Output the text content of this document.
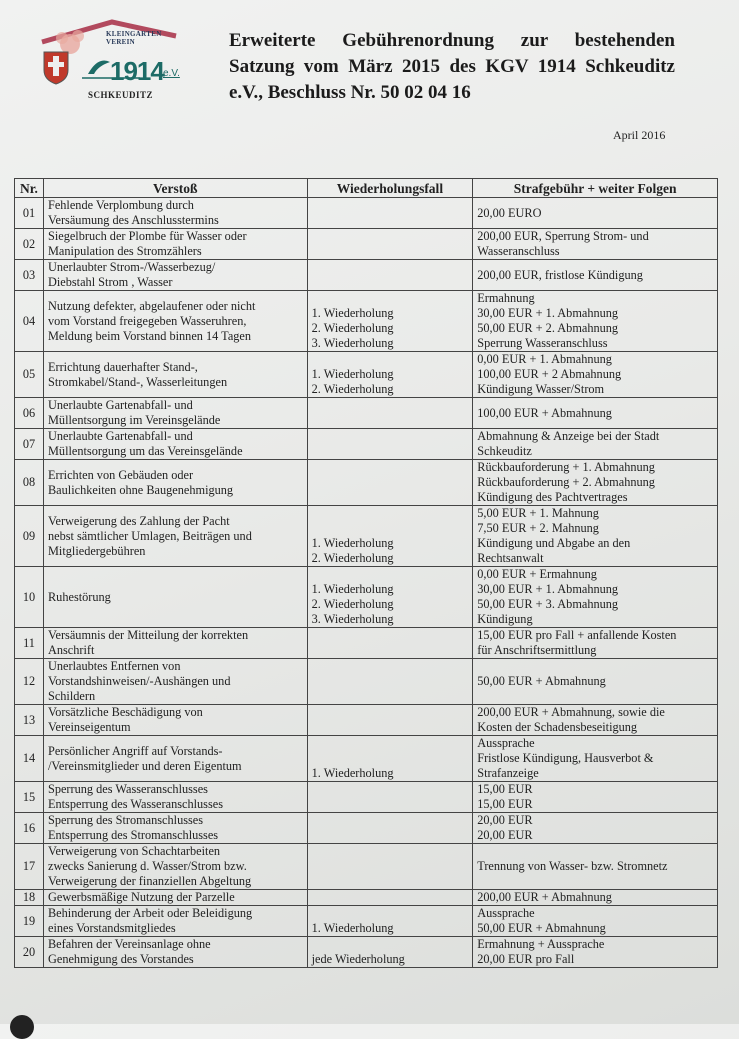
KLEINGARTEN
VEREIN
1914 e.V.
SCHKEUDITZ
Erweiterte Gebührenordnung zur bestehenden Satzung vom März 2015 des KGV 1914 Schkeuditz e.V., Beschluss Nr. 50 02 04 16
April 2016
Nr.	Verstoß	Wiederholungsfall	Strafgebühr + weiter Folgen
01	Fehlende Verplombung durch
Versäumung des Anschlusstermins		20,00 EURO

02	Siegelbruch der Plombe für Wasser oder
Manipulation des Stromzählers		200,00 EUR, Sperrung Strom- und
Wasseranschluss

03	Unerlaubter Strom-/Wasserbezug/
Diebstahl Strom , Wasser		200,00 EUR, fristlose Kündigung

04	Nutzung defekter, abgelaufener oder nicht
vom Vorstand freigegeben Wasseruhren,
Meldung beim Vorstand binnen 14 Tagen	1. Wiederholung
2. Wiederholung
3. Wiederholung	Ermahnung
30,00 EUR + 1. Abmahnung
50,00 EUR + 2. Abmahnung
Sperrung Wasseranschluss

05	Errichtung dauerhafter Stand-,
Stromkabel/Stand-, Wasserleitungen	1. Wiederholung
2. Wiederholung	0,00 EUR + 1. Abmahnung
100,00 EUR + 2 Abmahnung
Kündigung Wasser/Strom

06	Unerlaubte Gartenabfall- und
Müllentsorgung im Vereinsgelände		100,00 EUR + Abmahnung

07	Unerlaubte Gartenabfall- und
Müllentsorgung um das Vereinsgelände		Abmahnung & Anzeige bei der Stadt
Schkeuditz

08	Errichten von Gebäuden oder
Baulichkeiten ohne Baugenehmigung		Rückbauforderung + 1. Abmahnung
Rückbauforderung + 2. Abmahnung
Kündigung des Pachtvertrages

09	Verweigerung des Zahlung der Pacht
nebst sämtlicher Umlagen, Beiträgen und
Mitgliedergebühren	1. Wiederholung
2. Wiederholung	5,00 EUR + 1. Mahnung
7,50 EUR + 2. Mahnung
Kündigung und Abgabe an den
Rechtsanwalt

10	Ruhestörung	1. Wiederholung
2. Wiederholung
3. Wiederholung	0,00 EUR + Ermahnung
30,00 EUR + 1. Abmahnung
50,00 EUR + 3. Abmahnung
Kündigung

11	Versäumnis der Mitteilung der korrekten
Anschrift		15,00 EUR pro Fall + anfallende Kosten
für Anschriftsermittlung

12	Unerlaubtes Entfernen von
Vorstandshinweisen/-Aushängen und
Schildern		50,00 EUR + Abmahnung

13	Vorsätzliche Beschädigung von
Vereinseigentum		200,00 EUR + Abmahnung, sowie die
Kosten der Schadensbeseitigung

14	Persönlicher Angriff auf Vorstands-
/Vereinsmitglieder und deren Eigentum	1. Wiederholung	Aussprache
Fristlose Kündigung, Hausverbot &
Strafanzeige

15	Sperrung des Wasseranschlusses
Entsperrung des Wasseranschlusses		15,00 EUR
15,00 EUR

16	Sperrung des Stromanschlusses
Entsperrung des Stromanschlusses		20,00 EUR
20,00 EUR

17	Verweigerung von Schachtarbeiten
zwecks Sanierung d. Wasser/Strom bzw.
Verweigerung der finanziellen Abgeltung		Trennung von Wasser- bzw. Stromnetz

18	Gewerbsmäßige Nutzung der Parzelle		200,00 EUR + Abmahnung

19	Behinderung der Arbeit oder Beleidigung
eines Vorstandsmitgliedes	1. Wiederholung	Aussprache
50,00 EUR + Abmahnung

20	Befahren der Vereinsanlage ohne
Genehmigung des Vorstandes	jede Wiederholung	Ermahnung + Aussprache
20,00 EUR pro Fall
